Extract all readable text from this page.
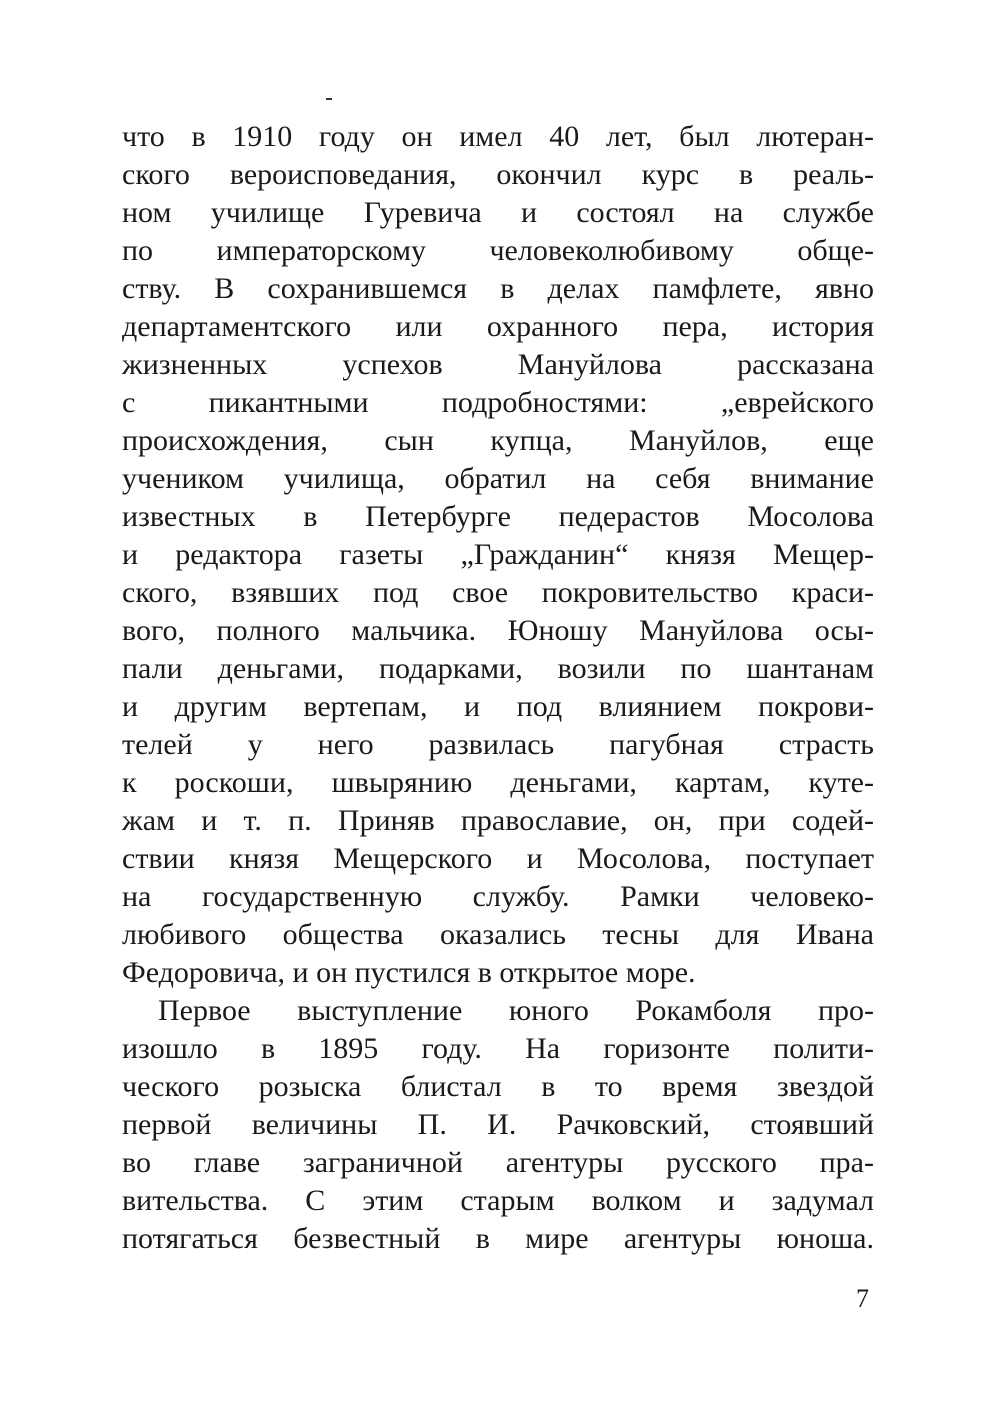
что в 1910 году он имел 40 лет, был лютеран-
ского вероисповедания, окончил курс в реаль-
ном училище Гуревича и состоял на службе
по императорскому человеколюбивому обще-
ству. В сохранившемся в делах памфлете, явно
департаментского или охранного пера, история
жизненных успехов Мануйлова рассказана
с пикантными подробностями: „еврейского
происхождения, сын купца, Мануйлов, еще
учеником училища, обратил на себя внимание
известных в Петербурге педерастов Мосолова
и редактора газеты „Гражданин“ князя Мещер-
ского, взявших под свое покровительство краси-
вого, полного мальчика. Юношу Мануйлова осы-
пали деньгами, подарками, возили по шантанам
и другим вертепам, и под влиянием покрови-
телей у него развилась пагубная страсть
к роскоши, швырянию деньгами, картам, куте-
жам и т. п. Приняв православие, он, при содей-
ствии князя Мещерского и Мосолова, поступает
на государственную службу. Рамки человеко-
любивого общества оказались тесны для Ивана
Федоровича, и он пустился в открытое море.
Первое выступление юного Рокамболя про-
изошло в 1895 году. На горизонте полити-
ческого розыска блистал в то время звездой
первой величины П. И. Рачковский, стоявший
во главе заграничной агентуры русского пра-
вительства. С этим старым волком и задумал
потягаться безвестный в мире агентуры юноша.
7
